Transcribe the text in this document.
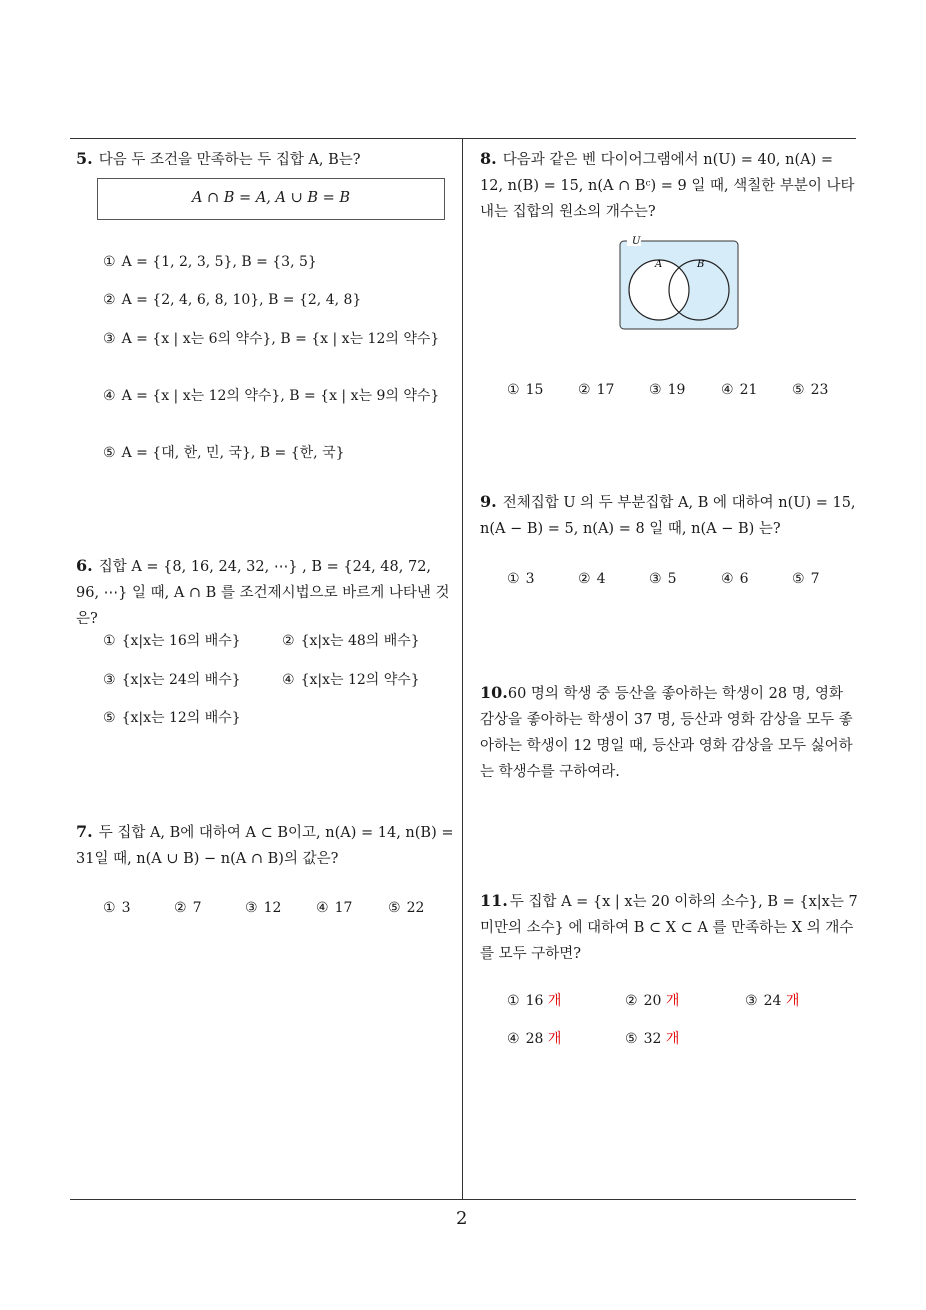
5. 다음 두 조건을 만족하는 두 집합 A, B는?
A ∩ B = A, A ∪ B = B
① A = {1, 2, 3, 5}, B = {3, 5}
② A = {2, 4, 6, 8, 10}, B = {2, 4, 8}
③ A = {x | x는 6의 약수}, B = {x | x는 12의 약수}
④ A = {x | x는 12의 약수}, B = {x | x는 9의 약수}
⑤ A = {대, 한, 민, 국}, B = {한, 국}
6. 집합 A = {8, 16, 24, 32, ⋯} , B = {24, 48, 72, 96, ⋯} 일 때, A ∩ B 를 조건제시법으로 바르게 나타낸 것은?
① {x|x는 16의 배수}	② {x|x는 48의 배수}
③ {x|x는 24의 배수}	④ {x|x는 12의 약수}
⑤ {x|x는 12의 배수}
7. 두 집합 A, B에 대하여 A ⊂ B이고, n(A) = 14, n(B) = 31일 때, n(A ∪ B) − n(A ∩ B)의 값은?
① 3	② 7	③ 12 ④ 17	⑤ 22
8. 다음과 같은 벤 다이어그램에서 n(U) = 40, n(A) = 12, n(B) = 15, n(A ∩ Bᶜ) = 9 일 때, 색칠한 부분이 나타내는 집합의 원소의 개수는?
U
A	B
① 15 ② 17 ③ 19	④ 21 ⑤ 23
9. 전체집합 U 의 두 부분집합 A, B 에 대하여 n(U) = 15, n(A − B) = 5, n(A) = 8 일 때, n(A − B) 는?
① 3	② 4	③ 5	④ 6	⑤ 7
10.60 명의 학생 중 등산을 좋아하는 학생이 28 명, 영화 감상을 좋아하는 학생이 37 명, 등산과 영화 감상을 모두 좋아하는 학생이 12 명일 때, 등산과 영화 감상을 모두 싫어하는 학생수를 구하여라.
11. 두 집합 A = {x | x는 20 이하의 소수}, B = {x|x는 7 미만의 소수} 에 대하여 B ⊂ X ⊂ A 를 만족하는 X 의 개수를 모두 구하면?
① 16 개	② 20 개	③ 24 개
④ 28 개	⑤ 32 개
2
